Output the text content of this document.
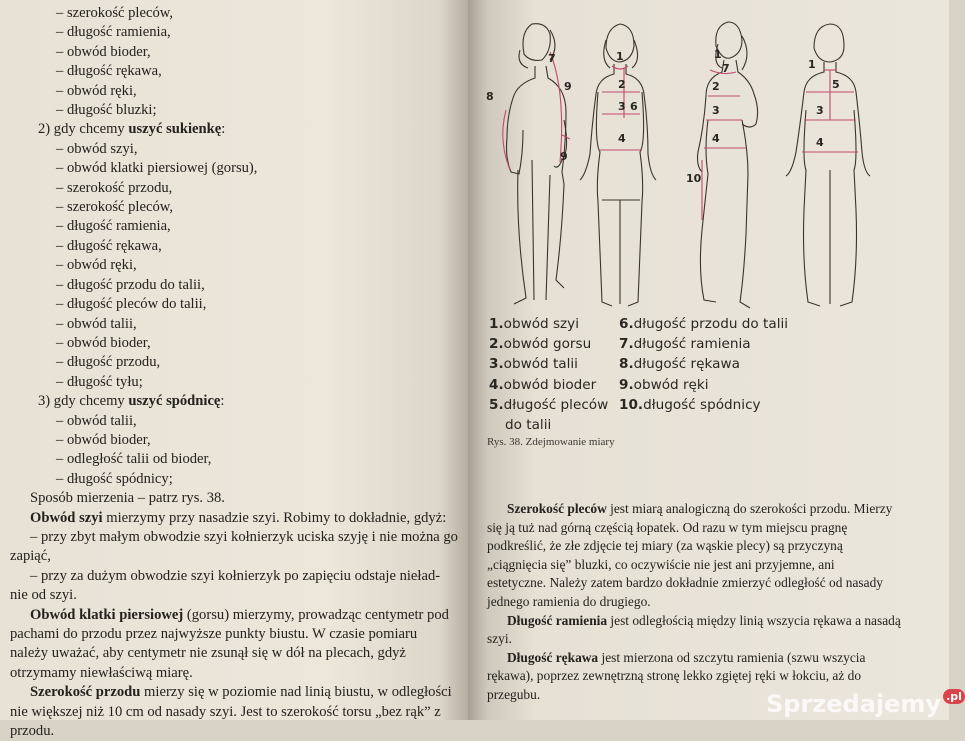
– szerokość pleców,
– długość ramienia,
– obwód bioder,
– długość rękawa,
– obwód ręki,
– długość bluzki;
2) gdy chcemy uszyć sukienkę:
– obwód szyi,
– obwód klatki piersiowej (gorsu),
– szerokość przodu,
– szerokość pleców,
– długość ramienia,
– długość rękawa,
– obwód ręki,
– długość przodu do talii,
– długość pleców do talii,
– obwód talii,
– obwód bioder,
– długość przodu,
– długość tyłu;
3) gdy chcemy uszyć spódnicę:
– obwód talii,
– obwód bioder,
– odległość talii od bioder,
– długość spódnicy;
Sposób mierzenia – patrz rys. 38.
Obwód szyi mierzymy przy nasadzie szyi. Robimy to dokładnie, gdyż:
– przy zbyt małym obwodzie szyi kołnierzyk uciska szyję i nie można go
zapiąć,
– przy za dużym obwodzie szyi kołnierzyk po zapięciu odstaje nieład-
nie od szyi.
Obwód klatki piersiowej (gorsu) mierzymy, prowadząc centymetr pod
pachami do przodu przez najwyższe punkty biustu. W czasie pomiaru
należy uważać, aby centymetr nie zsunął się w dół na plecach, gdyż
otrzymamy niewłaściwą miarę.
Szerokość przodu mierzy się w poziomie nad linią biustu, w odległości
nie większej niż 10 cm od nasady szyi. Jest to szerokość torsu „bez rąk” z
przodu.
7
8
9
9
1
2
3
4
6
1
7
2
3
4
10
1
5
3
4
1.obwód szyi
2.obwód gorsu
3.obwód talii
4.obwód bioder
5.długość pleców
do talii
6.długość przodu do talii
7.długość ramienia
8.długość rękawa
9.obwód ręki
10.długość spódnicy
Rys. 38. Zdejmowanie miary
Szerokość pleców jest miarą analogiczną do szerokości przodu. Mierzy
się ją tuż nad górną częścią łopatek. Od razu w tym miejscu pragnę
podkreślić, że złe zdjęcie tej miary (za wąskie plecy) są przyczyną
„ciągnięcia się” bluzki, co oczywiście nie jest ani przyjemne, ani
estetyczne. Należy zatem bardzo dokładnie zmierzyć odległość od nasady
jednego ramienia do drugiego.
Długość ramienia jest odległością między linią wszycia rękawa a nasadą
szyi.
Długość rękawa jest mierzona od szczytu ramienia (szwu wszycia
rękawa), poprzez zewnętrzną stronę lekko zgiętej ręki w łokciu, aż do
przegubu.	Sprzedajemy $^{.pl}$
